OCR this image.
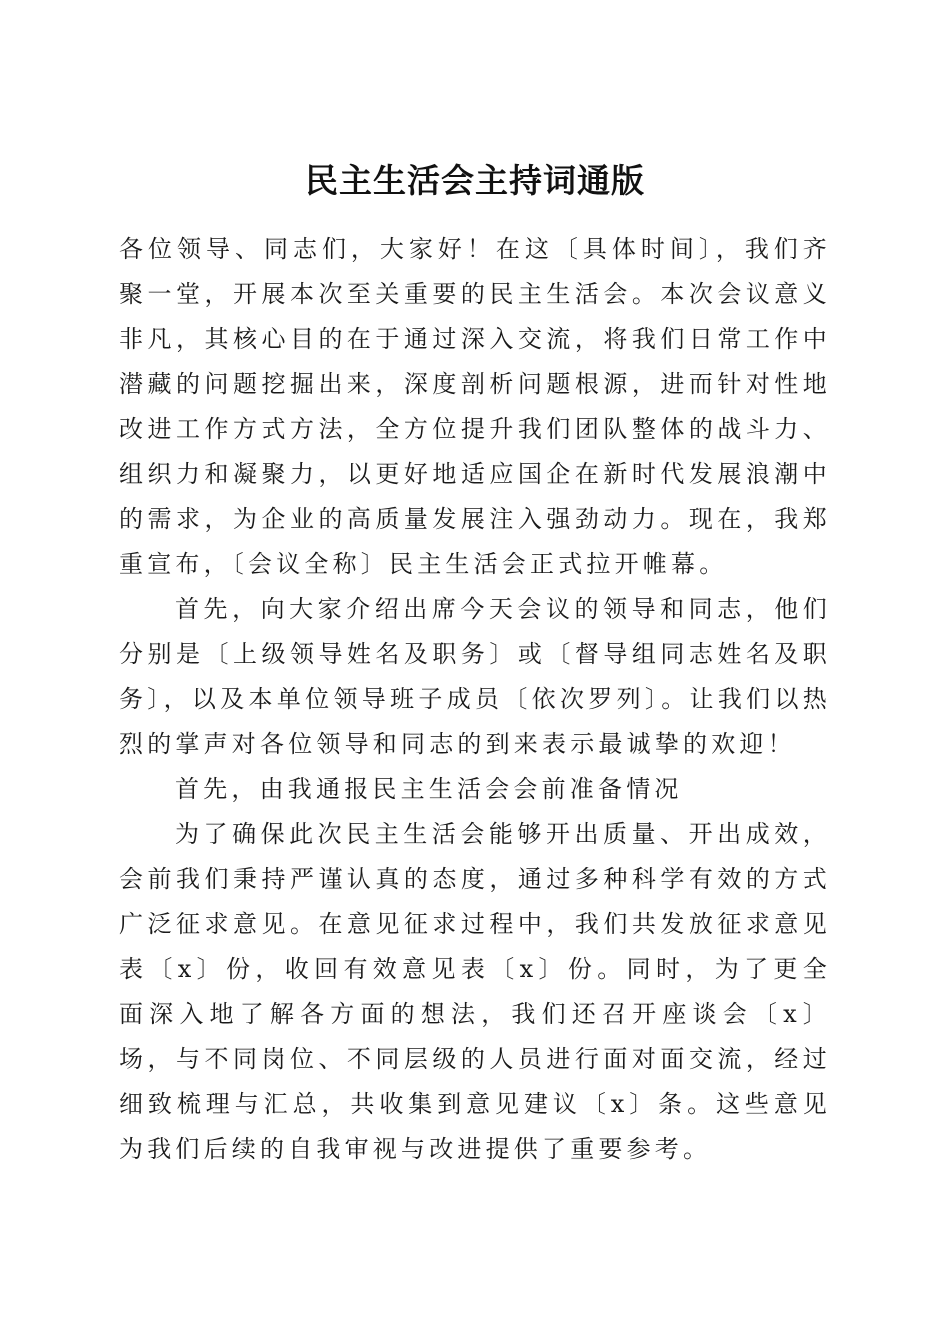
民主生活会主持词通版

各位领导、同志们，大家好！在这〔具体时间〕，我们齐聚一堂，开展本次至关重要的民主生活会。本次会议意义非凡，其核心目的在于通过深入交流，将我们日常工作中潜藏的问题挖掘出来，深度剖析问题根源，进而针对性地改进工作方式方法，全方位提升我们团队整体的战斗力、组织力和凝聚力，以更好地适应国企在新时代发展浪潮中的需求，为企业的高质量发展注入强劲动力。现在，我郑重宣布，〔会议全称〕民主生活会正式拉开帷幕。

首先，向大家介绍出席今天会议的领导和同志，他们分别是〔上级领导姓名及职务〕或〔督导组同志姓名及职务〕，以及本单位领导班子成员〔依次罗列〕。让我们以热烈的掌声对各位领导和同志的到来表示最诚挚的欢迎！

首先，由我通报民主生活会会前准备情况

为了确保此次民主生活会能够开出质量、开出成效，会前我们秉持严谨认真的态度，通过多种科学有效的方式广泛征求意见。在意见征求过程中，我们共发放征求意见表〔x〕份，收回有效意见表〔x〕份。同时，为了更全面深入地了解各方面的想法，我们还召开座谈会〔x〕场，与不同岗位、不同层级的人员进行面对面交流，经过细致梳理与汇总，共收集到意见建议〔x〕条。这些意见为我们后续的自我审视与改进提供了重要参考。
